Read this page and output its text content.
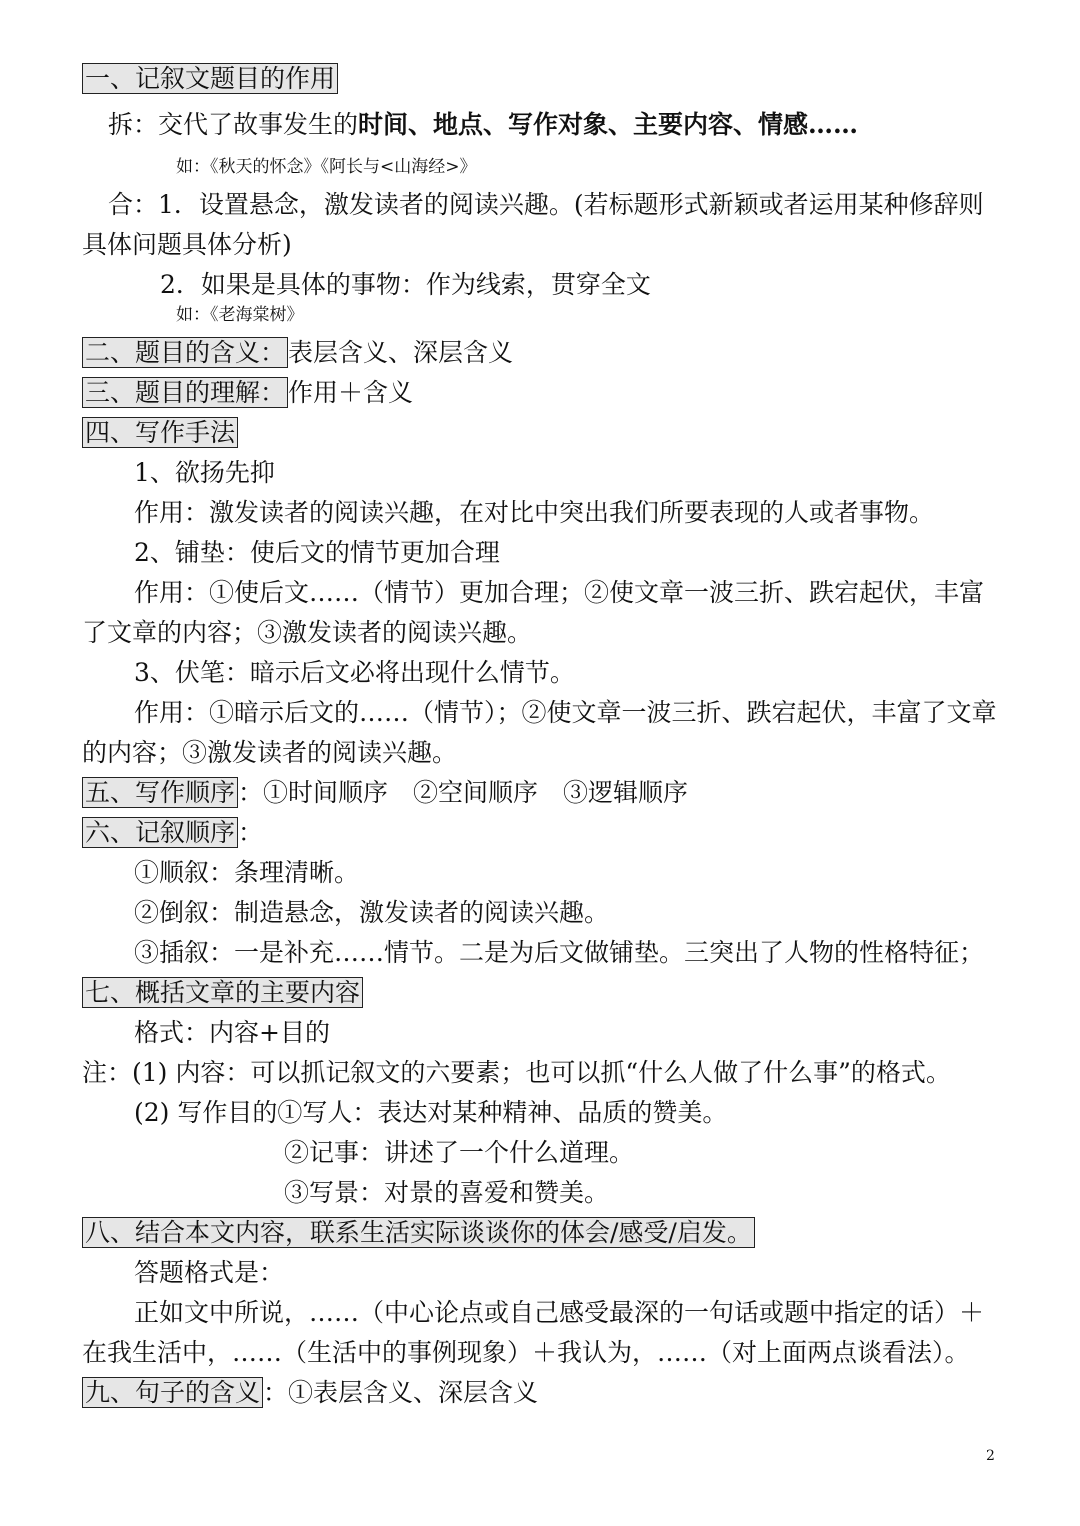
一、记叙文题目的作用
拆：交代了故事发生的时间、地点、写作对象、主要内容、情感……
如：《秋天的怀念》《阿长与<山海经>》
合：1．设置悬念，激发读者的阅读兴趣。(若标题形式新颖或者运用某种修辞则
具体问题具体分析)
2．如果是具体的事物：作为线索，贯穿全文
如：《老海棠树》
二、题目的含义： 表层含义、深层含义
三、题目的理解： 作用＋含义
四、写作手法
1、欲扬先抑
作用：激发读者的阅读兴趣，在对比中突出我们所要表现的人或者事物。
2、铺垫：使后文的情节更加合理
作用：①使后文……（情节）更加合理；②使文章一波三折、跌宕起伏，丰富
了文章的内容；③激发读者的阅读兴趣。
3、伏笔：暗示后文必将出现什么情节。
作用：①暗示后文的……（情节）；②使文章一波三折、跌宕起伏，丰富了文章
的内容；③激发读者的阅读兴趣。
五、写作顺序 ：①时间顺序　②空间顺序　③逻辑顺序
六、记叙顺序 ：
①顺叙：条理清晰。
②倒叙：制造悬念，激发读者的阅读兴趣。
③插叙：一是补充……情节。二是为后文做铺垫。三突出了人物的性格特征；
七、概括文章的主要内容
格式：内容+目的
注：(1) 内容：可以抓记叙文的六要素；也可以抓“什么人做了什么事”的格式。
(2) 写作目的①写人：表达对某种精神、品质的赞美。
②记事：讲述了一个什么道理。
③写景：对景的喜爱和赞美。
八、结合本文内容，联系生活实际谈谈你的体会/感受/启发。
答题格式是：
正如文中所说，……（中心论点或自己感受最深的一句话或题中指定的话）＋
在我生活中，……（生活中的事例现象）＋我认为，……（对上面两点谈看法）。
九、句子的含义 ：①表层含义、深层含义
2
